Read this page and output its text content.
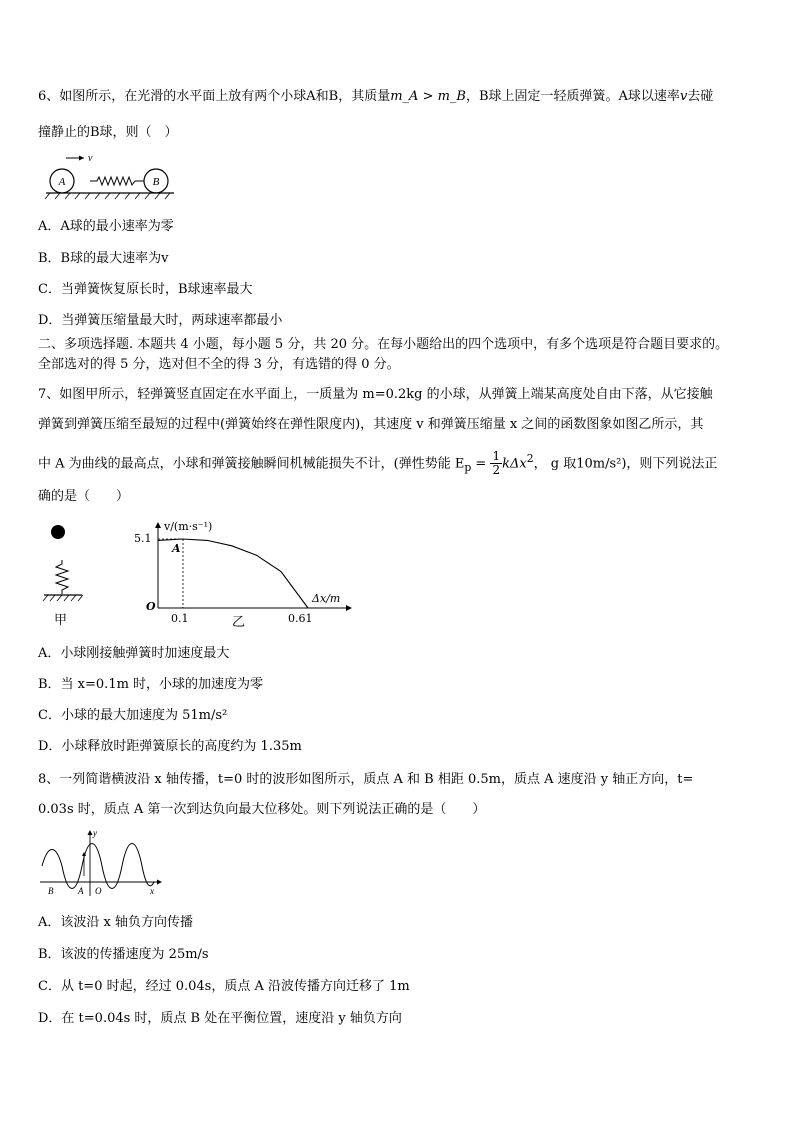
6、如图所示，在光滑的水平面上放有两个小球A和B，其质量m_A > m_B，B球上固定一轻质弹簧。A球以速率v去碰
撞静止的B球，则（　）
A	B
v
A．A球的最小速率为零
B．B球的最大速率为v
C．当弹簧恢复原长时，B球速率最大
D．当弹簧压缩量最大时，两球速率都最小
二、多项选择题. 本题共 4 小题，每小题 5 分，共 20 分。在每小题给出的四个选项中，有多个选项是符合题目要求的。
全部选对的得 5 分，选对但不全的得 3 分，有选错的得 0 分。
7、如图甲所示，轻弹簧竖直固定在水平面上，一质量为 m=0.2kg 的小球，从弹簧上端某高度处自由下落，从它接触
弹簧到弹簧压缩至最短的过程中(弹簧始终在弹性限度内)，其速度 v 和弹簧压缩量 x 之间的函数图象如图乙所示，其
中 A 为曲线的最高点，小球和弹簧接触瞬间机械能损失不计，(弹性势能 $E_p = \frac{1}{2} k\Delta x^2$， g 取10m/s²)，则下列说法正
确的是（　　）
甲
v/(m·s⁻¹)
Δx/m
O
5.1
0.1	0.61
A
乙
A．小球刚接触弹簧时加速度最大
B．当 x=0.1m 时，小球的加速度为零
C．小球的最大加速度为 51m/s²
D．小球释放时距弹簧原长的高度约为 1.35m
8、一列简谐横波沿 x 轴传播，t=0 时的波形如图所示，质点 A 和 B 相距 0.5m，质点 A 速度沿 y 轴正方向，t=
0.03s 时，质点 A 第一次到达负向最大位移处。则下列说法正确的是（　　）
y
x
B	A O
A．该波沿 x 轴负方向传播
B．该波的传播速度为 25m/s
C．从 t=0 时起，经过 0.04s，质点 A 沿波传播方向迁移了 1m
D．在 t=0.04s 时，质点 B 处在平衡位置，速度沿 y 轴负方向
